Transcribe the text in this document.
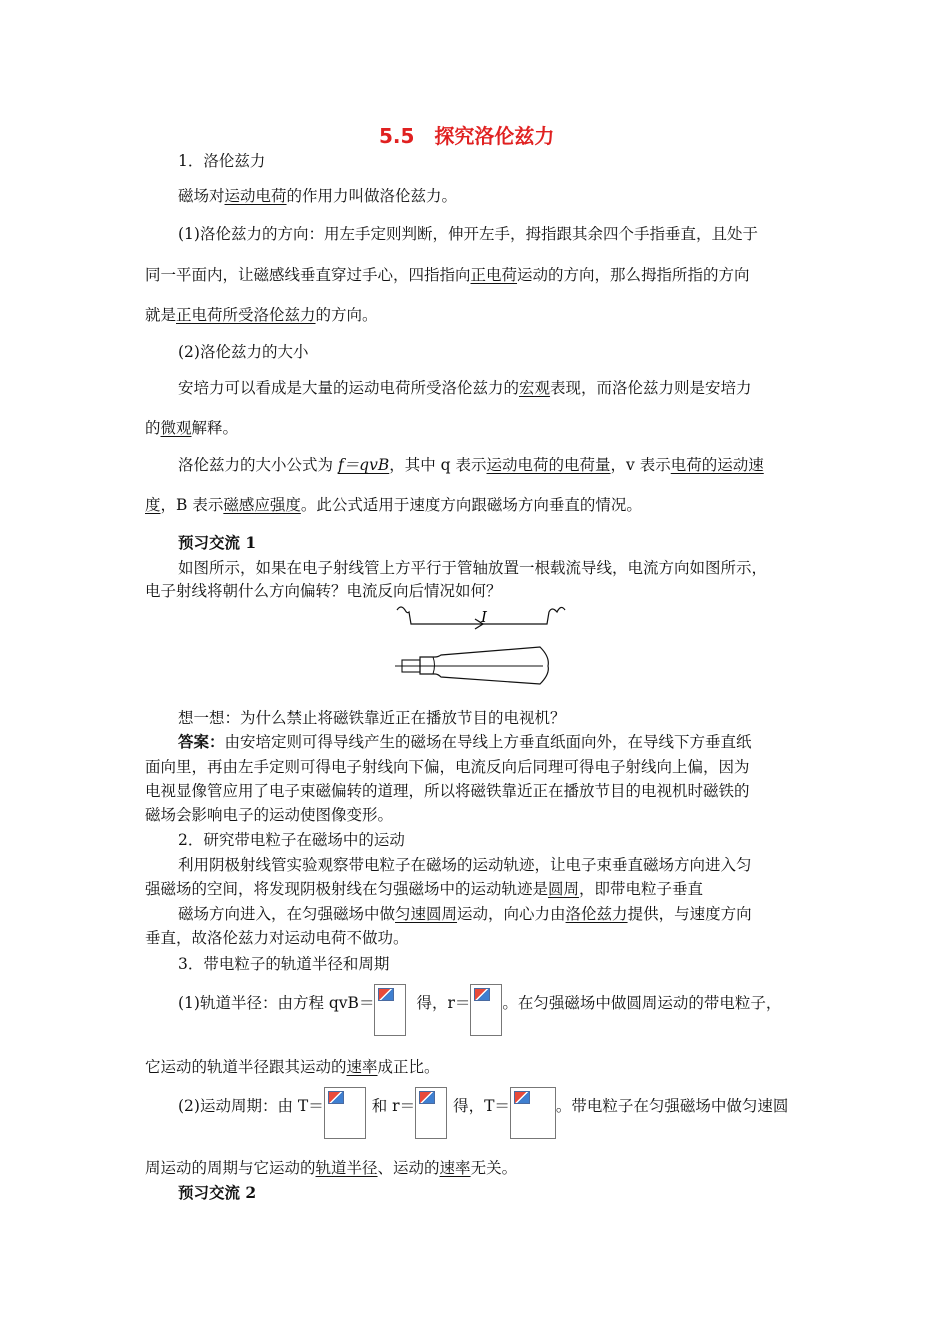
5.5　探究洛伦兹力
1．洛伦兹力
磁场对运动电荷的作用力叫做洛伦兹力。
(1)洛伦兹力的方向：用左手定则判断，伸开左手，拇指跟其余四个手指垂直，且处于
同一平面内，让磁感线垂直穿过手心，四指指向正电荷运动的方向，那么拇指所指的方向
就是正电荷所受洛伦兹力的方向。
(2)洛伦兹力的大小
安培力可以看成是大量的运动电荷所受洛伦兹力的宏观表现，而洛伦兹力则是安培力
的微观解释。
洛伦兹力的大小公式为 f＝qvB，其中 q 表示运动电荷的电荷量，v 表示电荷的运动速
度，B 表示磁感应强度。此公式适用于速度方向跟磁场方向垂直的情况。
预习交流 1
如图所示，如果在电子射线管上方平行于管轴放置一根载流导线，电流方向如图所示，
电子射线将朝什么方向偏转？电流反向后情况如何？
I
想一想：为什么禁止将磁铁靠近正在播放节目的电视机？
答案：由安培定则可得导线产生的磁场在导线上方垂直纸面向外，在导线下方垂直纸
面向里，再由左手定则可得电子射线向下偏，电流反向后同理可得电子射线向上偏，因为
电视显像管应用了电子束磁偏转的道理，所以将磁铁靠近正在播放节目的电视机时磁铁的
磁场会影响电子的运动使图像变形。
2．研究带电粒子在磁场中的运动
利用阴极射线管实验观察带电粒子在磁场的运动轨迹，让电子束垂直磁场方向进入匀
强磁场的空间，将发现阴极射线在匀强磁场中的运动轨迹是圆周，即带电粒子垂直
磁场方向进入，在匀强磁场中做匀速圆周运动，向心力由洛伦兹力提供，与速度方向
垂直，故洛伦兹力对运动电荷不做功。
3．带电粒子的轨道半径和周期
(1)轨道半径：由方程 qvB＝	得，r＝ 。在匀强磁场中做圆周运动的带电粒子，
它运动的轨道半径跟其运动的速率成正比。
(2)运动周期：由 T＝	和 r＝ 得，T＝	。带电粒子在匀强磁场中做匀速圆
周运动的周期与它运动的轨道半径、运动的速率无关。
预习交流 2
